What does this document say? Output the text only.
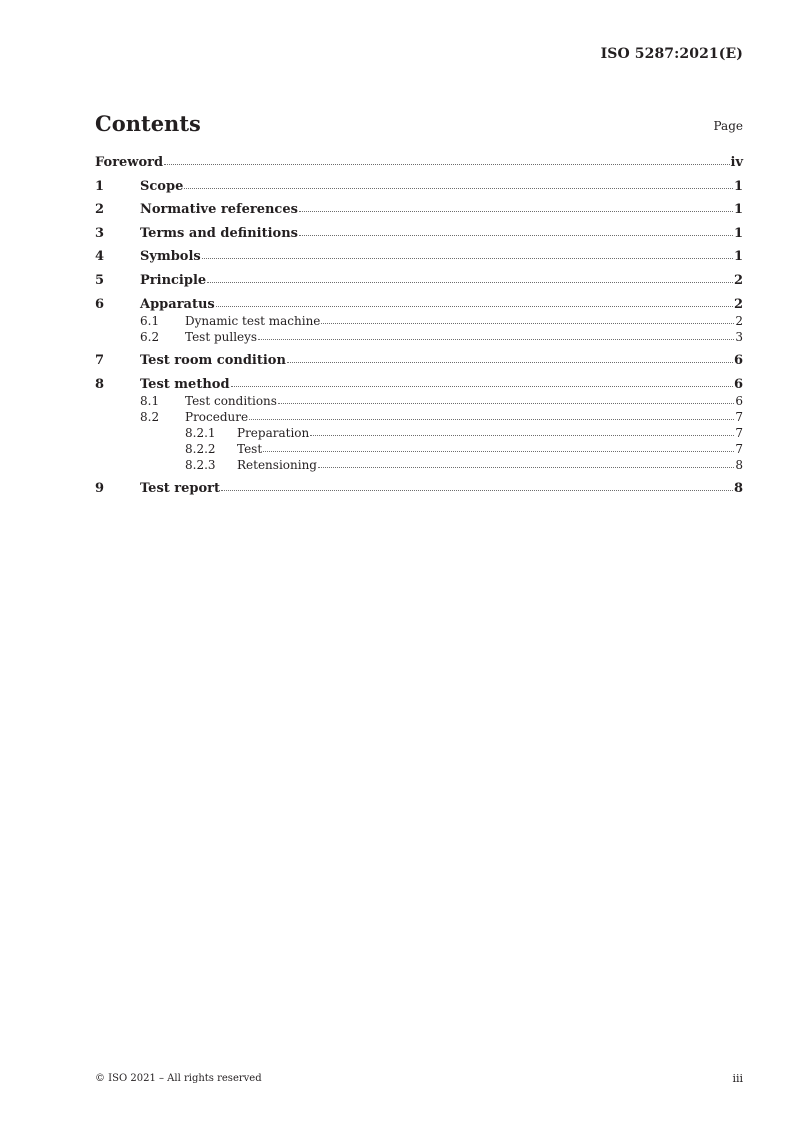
ISO 5287:2021(E)
Contents	Page
Foreword	iv
1	Scope	1
2	Normative references	1
3	Terms and definitions	1
4	Symbols	1
5	Principle	2
6	Apparatus	2
6.1	Dynamic test machine	2
6.2	Test pulleys	3
7	Test room condition	6
8	Test method	6
8.1	Test conditions	6
8.2	Procedure	7
8.2.1	Preparation	7
8.2.2	Test	7
8.2.3	Retensioning	8
9	Test report	8
© ISO 2021 – All rights reserved	iii
